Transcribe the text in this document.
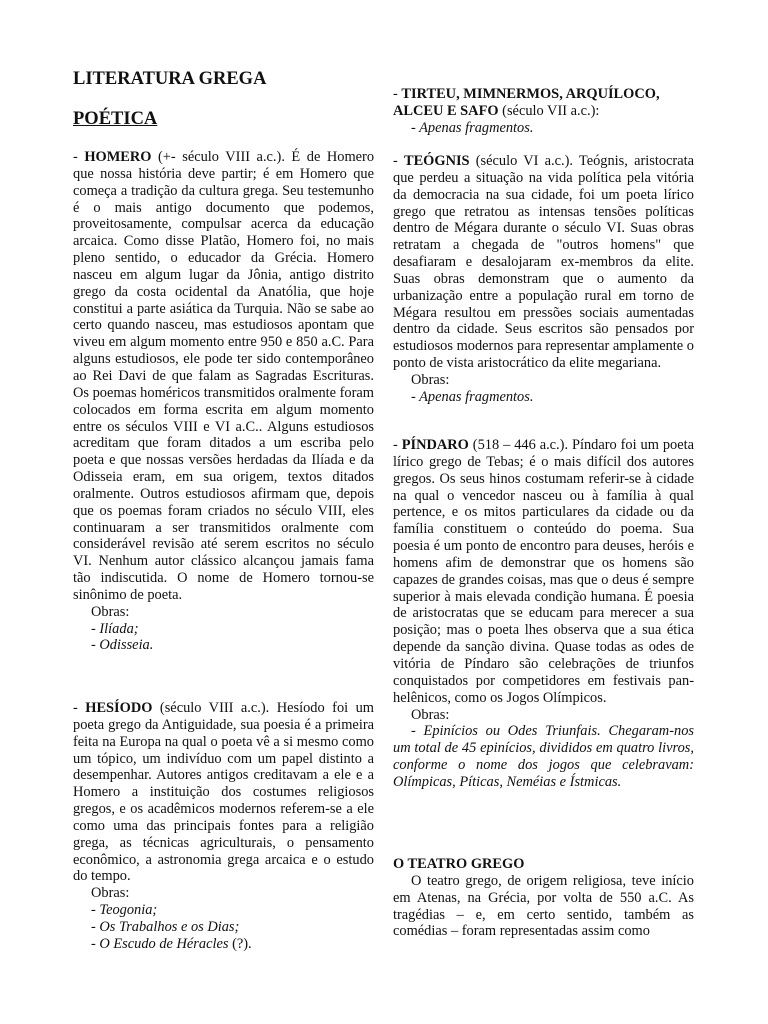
LITERATURA GREGA
POÉTICA

- HOMERO (+- século VIII a.c.). É de Homero que nossa história deve partir; é em Homero que começa a tradição da cultura grega. Seu testemunho é o mais antigo documento que podemos, proveitosamente, compulsar acerca da educação arcaica. Como disse Platão, Homero foi, no mais pleno sentido, o educador da Grécia. Homero nasceu em algum lugar da Jônia, antigo distrito grego da costa ocidental da Anatólia, que hoje constitui a parte asiática da Turquia. Não se sabe ao certo quando nasceu, mas estudiosos apontam que viveu em algum momento entre 950 e 850 a.C. Para alguns estudiosos, ele pode ter sido contemporâneo ao Rei Davi de que falam as Sagradas Escrituras. Os poemas homéricos transmitidos oralmente foram colocados em forma escrita em algum momento entre os séculos VIII e VI a.C.. Alguns estudiosos acreditam que foram ditados a um escriba pelo poeta e que nossas versões herdadas da Ilíada e da Odisseia eram, em sua origem, textos ditados oralmente. Outros estudiosos afirmam que, depois que os poemas foram criados no século VIII, eles continuaram a ser transmitidos oralmente com considerável revisão até serem escritos no século VI. Nenhum autor clássico alcançou jamais fama tão indiscutida. O nome de Homero tornou-se sinônimo de poeta.

Obras:
- Ilíada;
- Odisseia.

- HESÍODO (século VIII a.c.). Hesíodo foi um poeta grego da Antiguidade, sua poesia é a primeira feita na Europa na qual o poeta vê a si mesmo como um tópico, um indivíduo com um papel distinto a desempenhar. Autores antigos creditavam a ele e a Homero a instituição dos costumes religiosos gregos, e os acadêmicos modernos referem-se a ele como uma das principais fontes para a religião grega, as técnicas agriculturais, o pensamento econômico, a astronomia grega arcaica e o estudo do tempo.

Obras:
- Teogonia;
- Os Trabalhos e os Dias;
- O Escudo de Héracles (?).

- TIRTEU, MIMNERMOS, ARQUÍLOCO, ALCEU E SAFO (século VII a.c.):

- Apenas fragmentos.

- TEÓGNIS (século VI a.c.). Teógnis, aristocrata que perdeu a situação na vida política pela vitória da democracia na sua cidade, foi um poeta lírico grego que retratou as intensas tensões políticas dentro de Mégara durante o século VI. Suas obras retratam a chegada de "outros homens" que desafiaram e desalojaram ex-membros da elite. Suas obras demonstram que o aumento da urbanização entre a população rural em torno de Mégara resultou em pressões sociais aumentadas dentro da cidade. Seus escritos são pensados por estudiosos modernos para representar amplamente o ponto de vista aristocrático da elite megariana.

Obras:
- Apenas fragmentos.

- PÍNDARO (518 – 446 a.c.). Píndaro foi um poeta lírico grego de Tebas; é o mais difícil dos autores gregos. Os seus hinos costumam referir-se à cidade na qual o vencedor nasceu ou à família à qual pertence, e os mitos particulares da cidade ou da família constituem o conteúdo do poema. Sua poesia é um ponto de encontro para deuses, heróis e homens afim de demonstrar que os homens são capazes de grandes coisas, mas que o deus é sempre superior à mais elevada condição humana. É poesia de aristocratas que se educam para merecer a sua posição; mas o poeta lhes observa que a sua ética depende da sanção divina. Quase todas as odes de vitória de Píndaro são celebrações de triunfos conquistados por competidores em festivais pan-helênicos, como os Jogos Olímpicos.

Obras:

- Epinícios ou Odes Triunfais. Chegaram-nos um total de 45 epinícios, divididos em quatro livros, conforme o nome dos jogos que celebravam: Olímpicas, Píticas, Neméias e Ístmicas.

O TEATRO GREGO

O teatro grego, de origem religiosa, teve início em Atenas, na Grécia, por volta de 550 a.C. As tragédias – e, em certo sentido, também as comédias – foram representadas assim como
